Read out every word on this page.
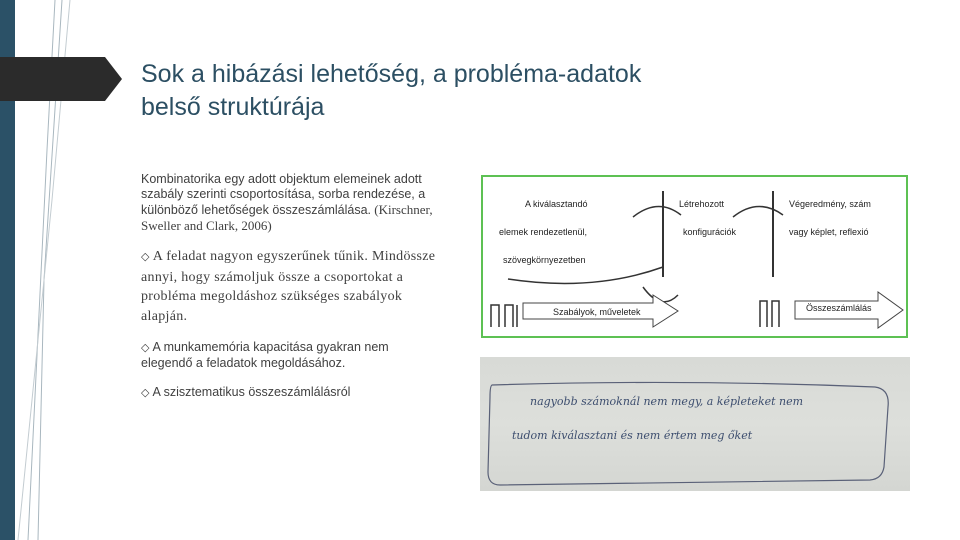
Sok a hibázási lehetőség, a probléma-adatok
belső struktúrája

Kombinatorika egy adott objektum elemeinek adott szabály szerinti csoportosítása, sorba rendezése, a különböző lehetőségek összeszámlálása. (Kirschner, Sweller and Clark, 2006)

◇ A feladat nagyon egyszerűnek tűnik. Mindössze annyi, hogy számoljuk össze a csoportokat a probléma megoldáshoz szükséges szabályok alapján.

◇ A munkamemória kapacitása gyakran nem elegendő a feladatok megoldásához.

◇ A szisztematikus összeszámlálásról

A kiválasztandó
elemek rendezetlenül,
szövegkörnyezetben
Létrehozott
konfigurációk
Végeredmény, szám
vagy képlet, reflexió
Szabályok, műveletek	Összeszámlálás
nagyobb számoknál nem megy, a képleteket nem
tudom kiválasztani és nem értem meg őket
